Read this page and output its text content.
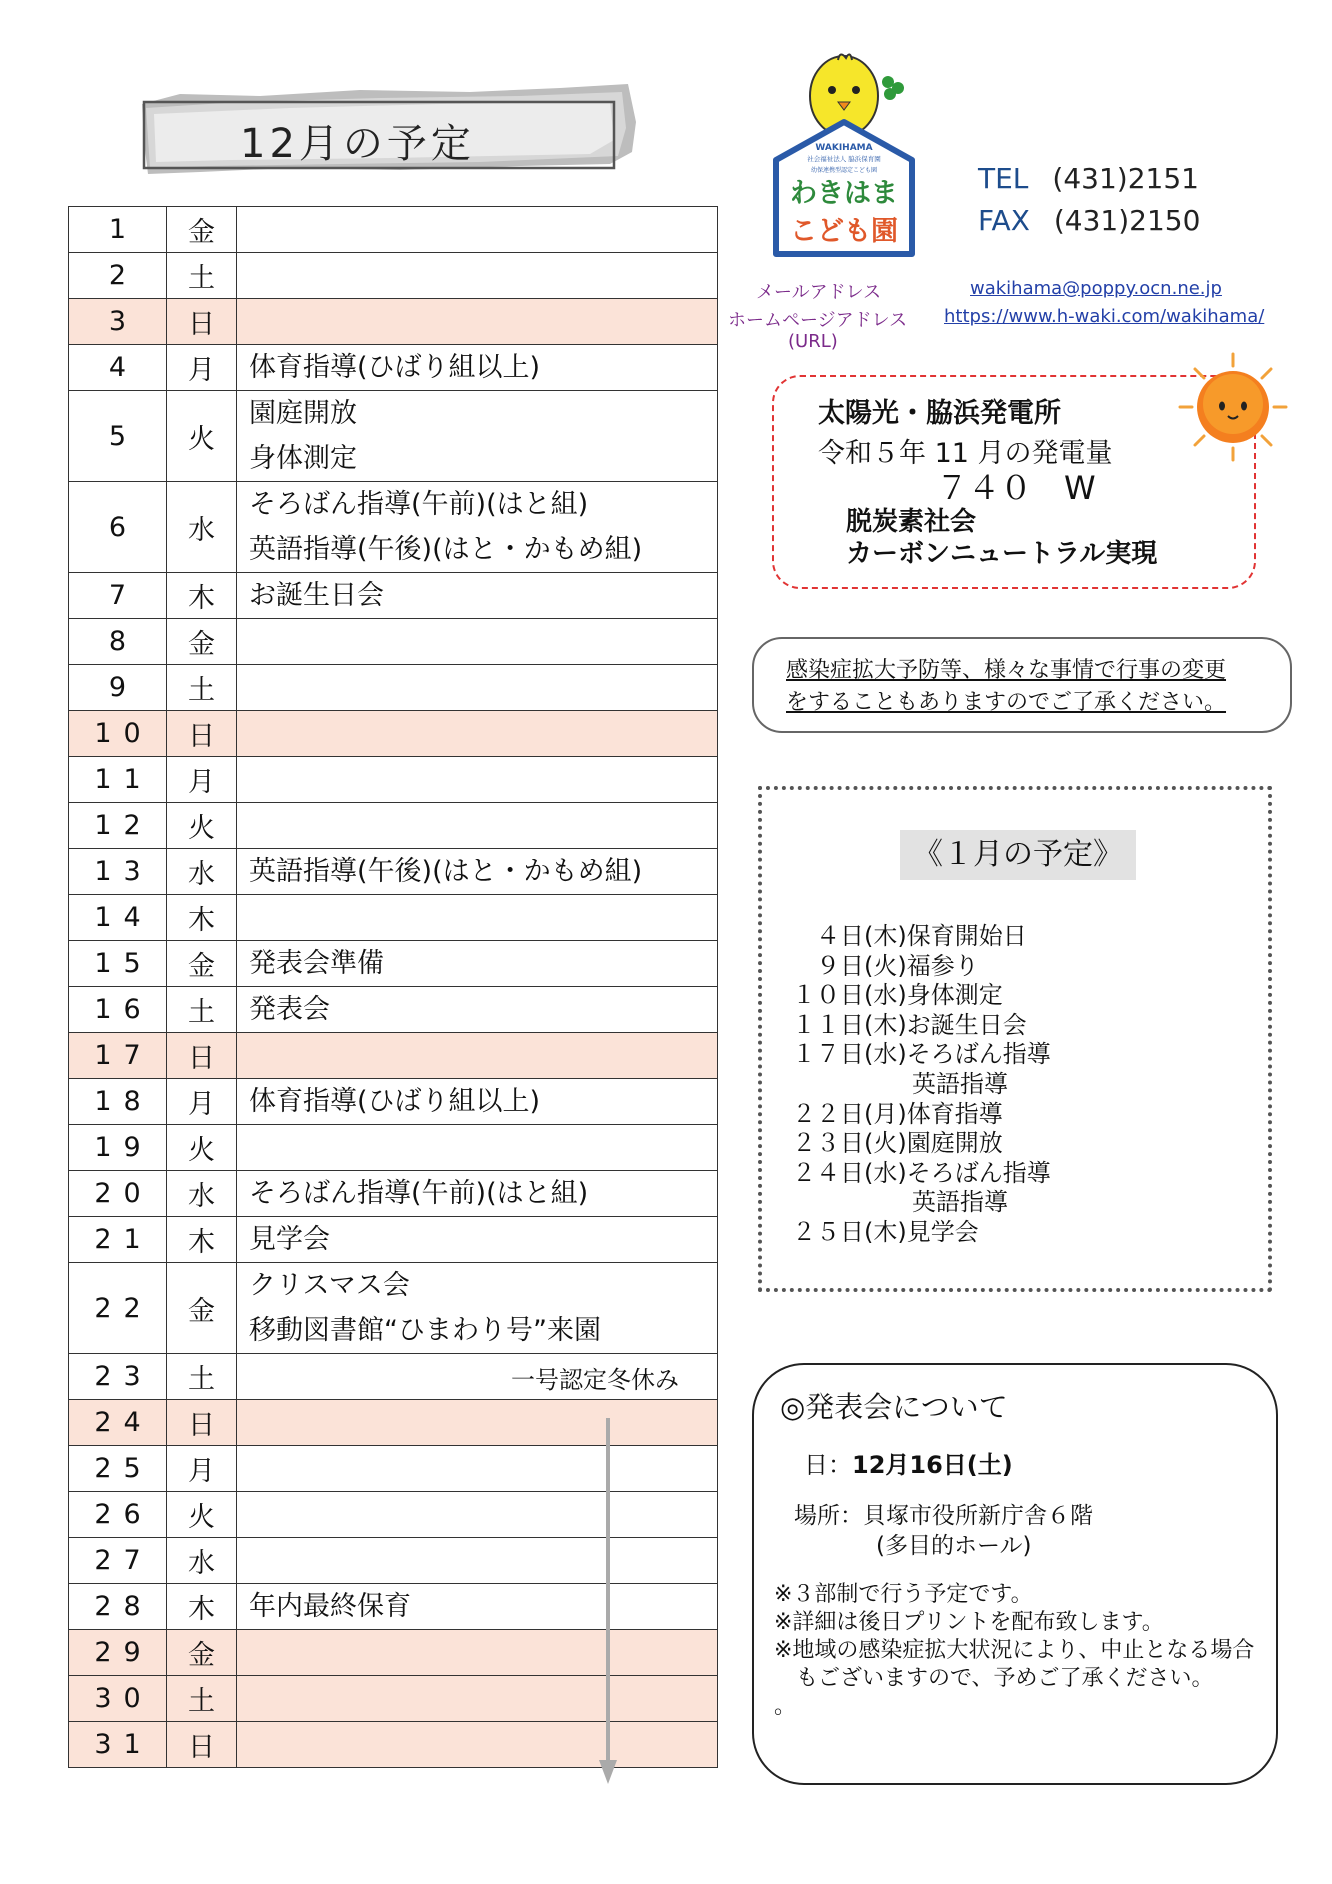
12月の予定
1	金	
2	土	
3	日	
4	月	体育指導(ひばり組以上)

5	火	園庭開放
身体測定

6	水	そろばん指導(午前)(はと組)
英語指導(午後)(はと・かもめ組)

7	木	お誕生日会

8	金	
9	土	
10	日	
11	月	
12	火	
13	水	英語指導(午後)(はと・かもめ組)

14	木	
15	金	発表会準備

16	土	発表会

17	日	
18	月	体育指導(ひばり組以上)

19	火	
20	水	そろばん指導(午前)(はと組)

21	木	見学会

22	金	クリスマス会
移動図書館“ひまわり号”来園

23	土	一号認定冬休み

24	日	
25	月	
26	火	
27	水	
28	木	年内最終保育

29	金	
30	土	
31	日	
WAKIHAMA
社会福祉法人 脇浜保育園
幼保連携型認定こども園
わきはま
こども園
TEL (431)2151
FAX (431)2150
メールアドレス	wakihama@poppy.ocn.ne.jp
ホームページアドレス https://www.h-waki.com/wakihama/
(URL)
太陽光・脇浜発電所
令和５年 11 月の発電量
７４０　W
脱炭素社会
カーボンニュートラル実現
感染症拡大予防等、様々な事情で行事の変更
をすることもありますのでご了承ください。
《１月の予定》
　４日(木)保育開始日
　９日(火)福参り
１０日(水)身体測定
１１日(木)お誕生日会
１７日(水)そろばん指導
　　　　　英語指導
２２日(月)体育指導
２３日(火)園庭開放
２４日(水)そろばん指導
　　　　　英語指導
２５日(木)見学会
◎発表会について
日：12月16日(土)
場所：貝塚市役所新庁舎６階
(多目的ホール)
※３部制で行う予定です。
※詳細は後日プリントを配布致します。
※地域の感染症拡大状況により、中止となる場合
　もございますので、予めご了承ください。
。
